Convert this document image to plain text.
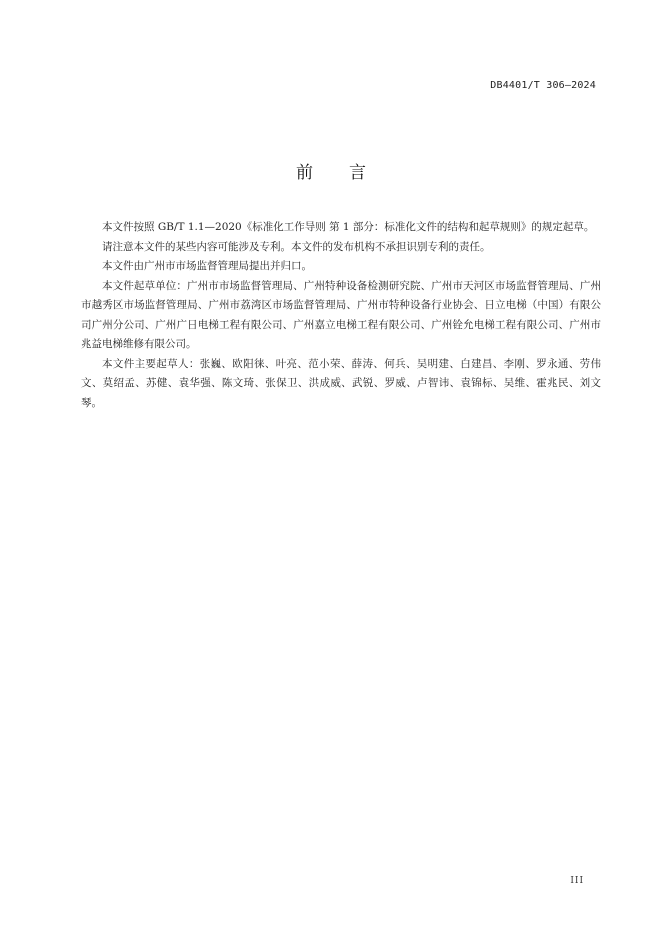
DB4401/T 306—2024
前言

本文件按照 GB/T 1.1—2020《标准化工作导则 第 1 部分：标准化文件的结构和起草规则》的规定起草。

请注意本文件的某些内容可能涉及专利。本文件的发布机构不承担识别专利的责任。

本文件由广州市市场监督管理局提出并归口。

本文件起草单位：广州市市场监督管理局、广州特种设备检测研究院、广州市天河区市场监督管理局、广州市越秀区市场监督管理局、广州市荔湾区市场监督管理局、广州市特种设备行业协会、日立电梯（中国）有限公司广州分公司、广州广日电梯工程有限公司、广州嘉立电梯工程有限公司、广州铨允电梯工程有限公司、广州市兆益电梯维修有限公司。

本文件主要起草人：张巍、欧阳徕、叶亮、范小荣、薛涛、何兵、吴明建、白建昌、李刚、罗永通、劳伟文、莫绍孟、苏健、袁华强、陈文琦、张保卫、洪成威、武锐、罗威、卢智讳、袁锦标、吴维、霍兆民、刘文琴。

III
